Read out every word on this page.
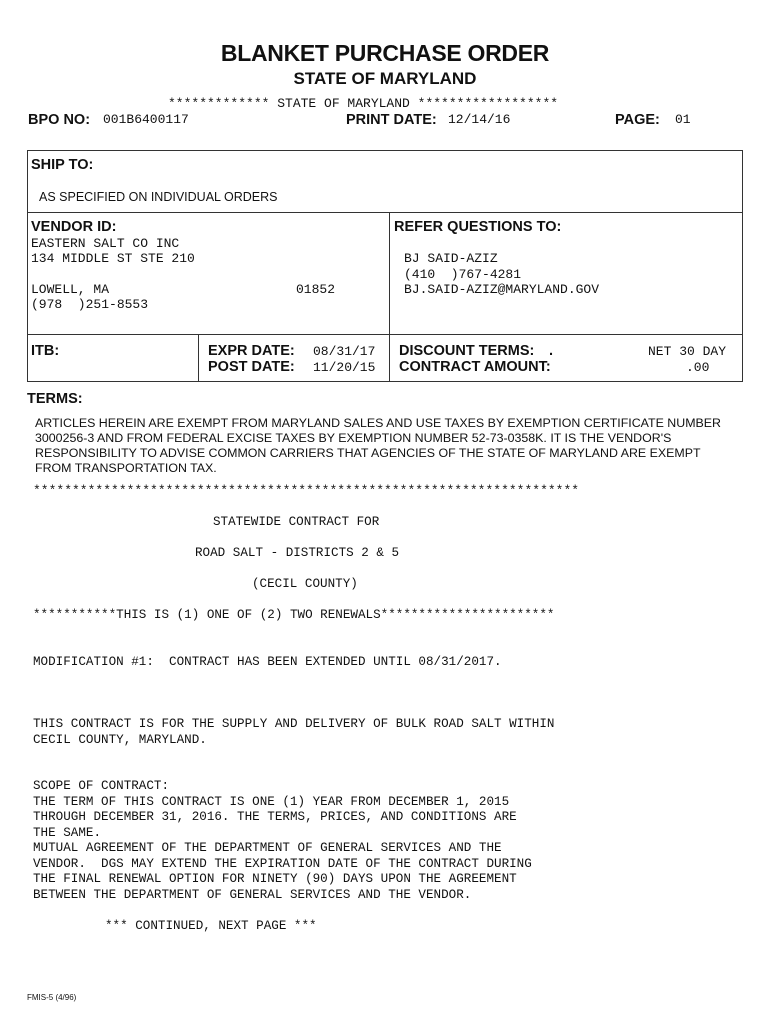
BLANKET PURCHASE ORDER
STATE OF MARYLAND
************* STATE OF MARYLAND ******************
BPO NO: 001B6400117	PRINT DATE: 12/14/16	PAGE: 01
SHIP TO:
AS SPECIFIED ON INDIVIDUAL ORDERS
VENDOR ID:
EASTERN SALT CO INC
134 MIDDLE ST STE 210
LOWELL, MA	01852
(978  )251-8553
REFER QUESTIONS TO:
BJ SAID-AZIZ
(410  )767-4281
BJ.SAID-AZIZ@MARYLAND.GOV
ITB:	EXPR DATE: 08/31/17
POST DATE: 11/20/15
DISCOUNT TERMS: .	NET 30 DAY
CONTRACT AMOUNT:	.00
TERMS:
ARTICLES HEREIN ARE EXEMPT FROM MARYLAND SALES AND USE TAXES BY EXEMPTION CERTIFICATE NUMBER 3000256-3 AND FROM FEDERAL EXCISE TAXES BY EXEMPTION NUMBER 52-73-0358K. IT IS THE VENDOR'S RESPONSIBILITY TO ADVISE COMMON CARRIERS THAT AGENCIES OF THE STATE OF MARYLAND ARE EXEMPT FROM TRANSPORTATION TAX.
**********************************************************************
STATEWIDE CONTRACT FOR
ROAD SALT - DISTRICTS 2 & 5
(CECIL COUNTY)
***********THIS IS (1) ONE OF (2) TWO RENEWALS***********************
MODIFICATION #1:  CONTRACT HAS BEEN EXTENDED UNTIL 08/31/2017.
THIS CONTRACT IS FOR THE SUPPLY AND DELIVERY OF BULK ROAD SALT WITHIN
CECIL COUNTY, MARYLAND.
SCOPE OF CONTRACT:
THE TERM OF THIS CONTRACT IS ONE (1) YEAR FROM DECEMBER 1, 2015
THROUGH DECEMBER 31, 2016. THE TERMS, PRICES, AND CONDITIONS ARE
THE SAME.
MUTUAL AGREEMENT OF THE DEPARTMENT OF GENERAL SERVICES AND THE
VENDOR.  DGS MAY EXTEND THE EXPIRATION DATE OF THE CONTRACT DURING
THE FINAL RENEWAL OPTION FOR NINETY (90) DAYS UPON THE AGREEMENT
BETWEEN THE DEPARTMENT OF GENERAL SERVICES AND THE VENDOR.
*** CONTINUED, NEXT PAGE ***
FMIS-5 (4/96)
